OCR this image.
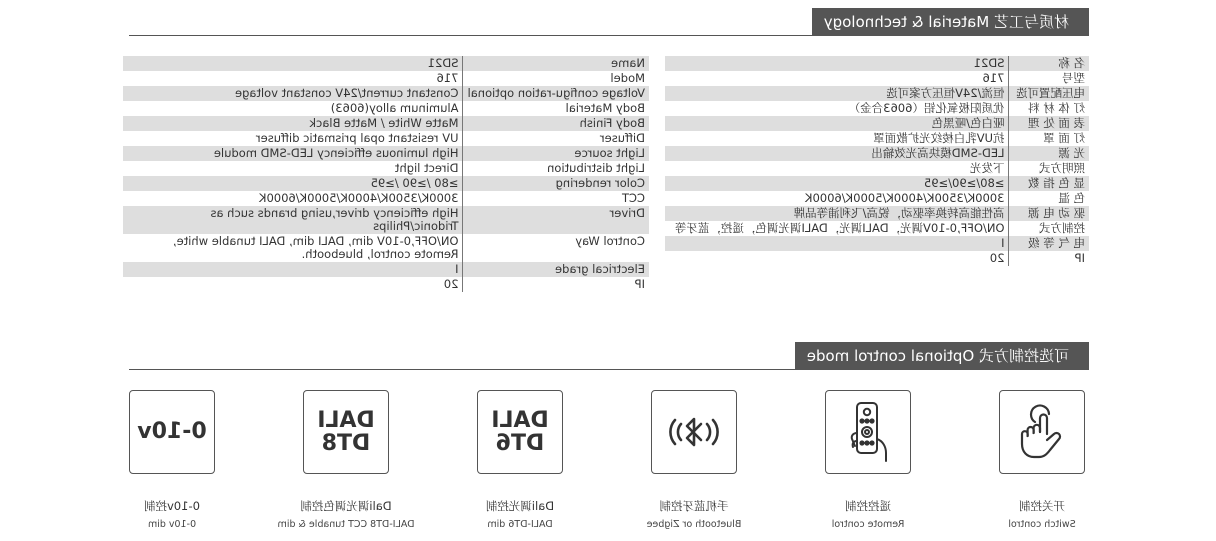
材质与工艺 Material & technology
名 称	SD21
型号	716
电压配置可选	恒流/24V恒压方案可选
灯 体 材 料	优质阳极氧化铝（6063合金）
表 面 处 理	哑白色/哑黑色
灯 面 罩	抗UV乳白棱纹光扩散面罩
光 源	LED-SMD模块高光效输出
照明方式	下发光
显 色 指 数	≥80/≥90/≥95
色 温	3000K/3500K/4000K/5000K/6000K
驱 动 电 源	高性能高转换率驱动，锐高/飞利浦等品牌
控制方式	ON/OFF,0-10V调光，DALI调光，DALI调光调色，遥控，蓝牙等
电 气 等 级	I
IP	20
Name	SD21
Model	716
Voltage configu-ration optional	Constant current/24V constant voltage
Body Material	Aluminum alloy(6063)
Body Finish	Matte White / Matte Black
Diffuser	UV resistant opal prismatic diffuser
Light source	High luminous efficiency LED-SMD module
Light distribution	Direct light
Color rendering	≥80 /≥90 /≥95
CCT	3000K/3500K/4000K/5000K/6000K
Driver	High efficiency driver,using brands such as Tridonic/Philips
Control Way	ON/OFF,0-10V dim, DALI dim, DALI tunable white, Remote control, bluebooth.
Electrical grade	I
IP	20
可选控制方式 Optional control mode
开关控制
Switch control
遥控控制
Remote control
手机蓝牙控制
Bluetooth or Zigbee
DALI DT6
Dali调光控制
DALI-DT6 dim
DALI DT8
Dali调光调色控制
DALI-DT8 CCT tunable & dim
0-10v
0-10v控制
0-10v dim
